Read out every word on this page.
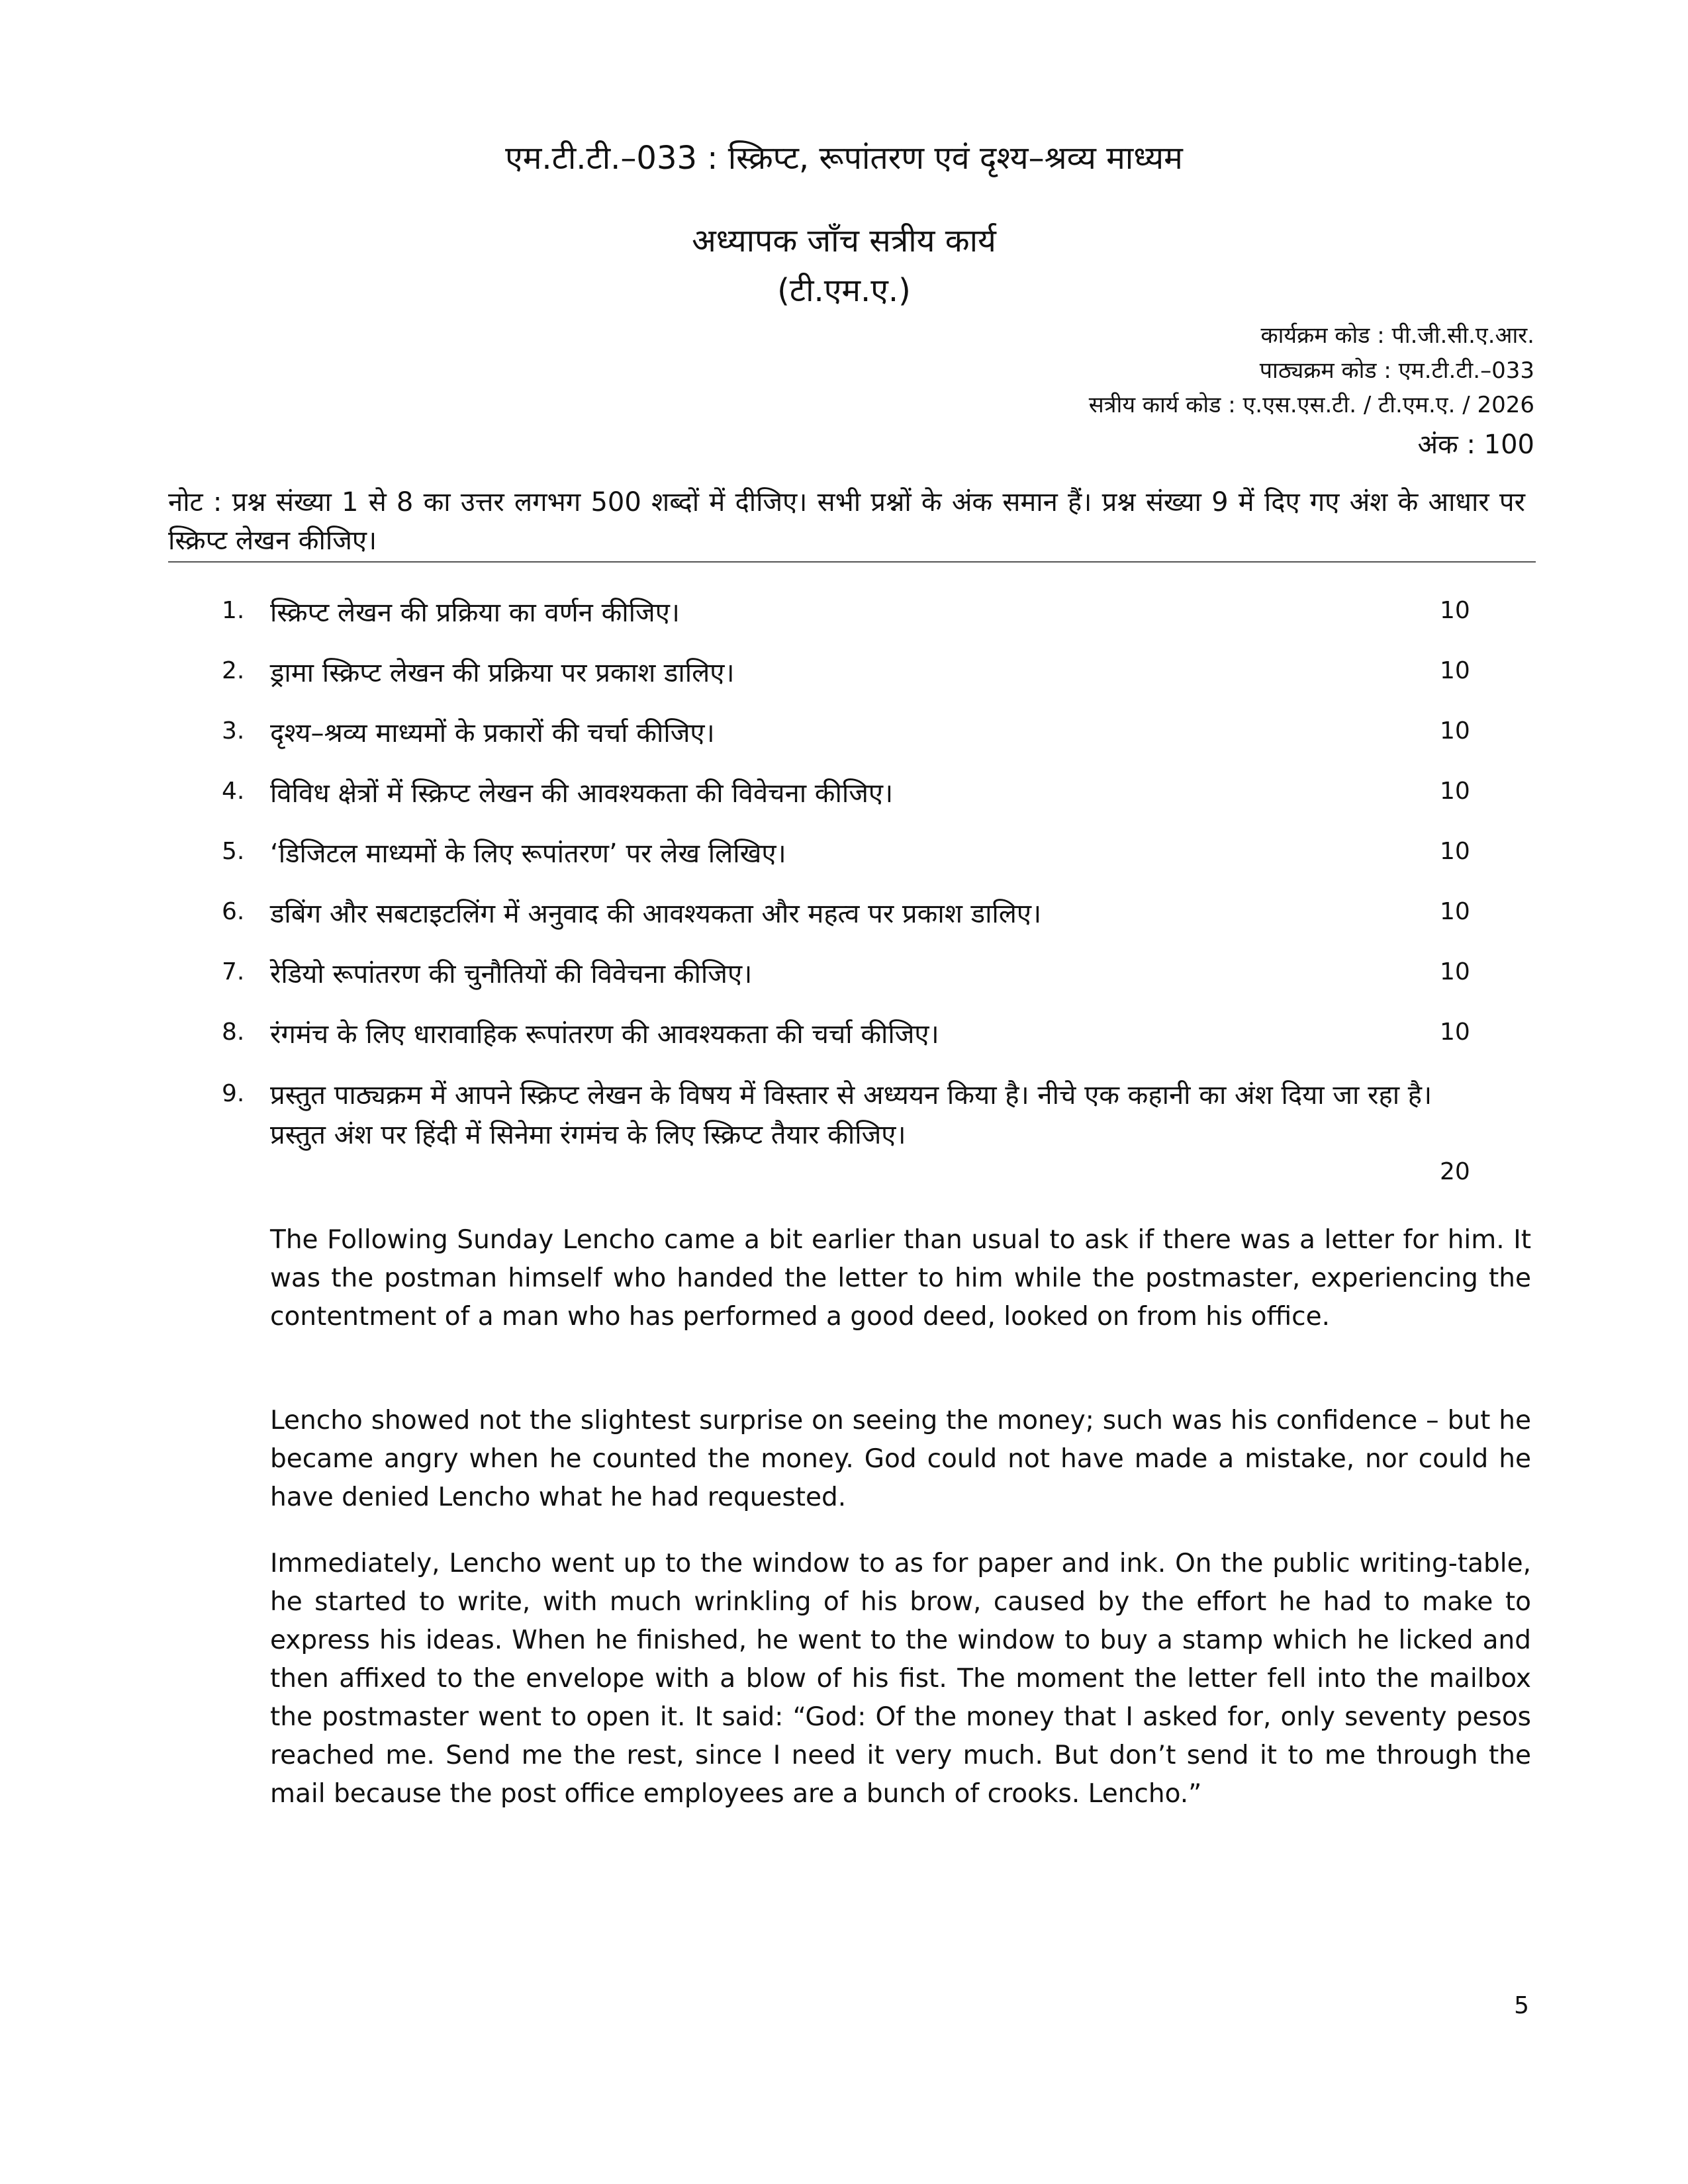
एम.टी.टी.–033 : स्क्रिप्ट, रूपांतरण एवं दृश्य–श्रव्य माध्यम
अध्यापक जाँच सत्रीय कार्य
(टी.एम.ए.)
कार्यक्रम कोड : पी.जी.सी.ए.आर.
पाठ्यक्रम कोड : एम.टी.टी.–033
सत्रीय कार्य कोड : ए.एस.एस.टी. / टी.एम.ए. / 2026
अंक : 100
नोट : प्रश्न संख्या 1 से 8 का उत्तर लगभग 500 शब्दों में दीजिए। सभी प्रश्नों के अंक समान हैं। प्रश्न संख्या 9 में दिए गए अंश के आधार पर स्क्रिप्ट लेखन कीजिए।
1. स्क्रिप्ट लेखन की प्रक्रिया का वर्णन कीजिए।	10
2. ड्रामा स्क्रिप्ट लेखन की प्रक्रिया पर प्रकाश डालिए।	10
3. दृश्य–श्रव्य माध्यमों के प्रकारों की चर्चा कीजिए।	10
4. विविध क्षेत्रों में स्क्रिप्ट लेखन की आवश्यकता की विवेचना कीजिए।	10
5. ‘डिजिटल माध्यमों के लिए रूपांतरण’ पर लेख लिखिए।	10
6. डबिंग और सबटाइटलिंग में अनुवाद की आवश्यकता और महत्व पर प्रकाश डालिए।	10
7. रेडियो रूपांतरण की चुनौतियों की विवेचना कीजिए।	10
8. रंगमंच के लिए धारावाहिक रूपांतरण की आवश्यकता की चर्चा कीजिए।	10
9. प्रस्तुत पाठ्यक्रम में आपने स्क्रिप्ट लेखन के विषय में विस्तार से अध्ययन किया है। नीचे एक कहानी का अंश दिया जा रहा है। प्रस्तुत अंश पर हिंदी में सिनेमा रंगमंच के लिए स्क्रिप्ट तैयार कीजिए।
20
The Following Sunday Lencho came a bit earlier than usual to ask if there was a letter for him. It was the postman himself who handed the letter to him while the postmaster, experiencing the contentment of a man who has performed a good deed, looked on from his office.
Lencho showed not the slightest surprise on seeing the money; such was his confidence – but he became angry when he counted the money. God could not have made a mistake, nor could he have denied Lencho what he had requested.
Immediately, Lencho went up to the window to as for paper and ink. On the public writing-table, he started to write, with much wrinkling of his brow, caused by the effort he had to make to express his ideas. When he finished, he went to the window to buy a stamp which he licked and then affixed to the envelope with a blow of his fist. The moment the letter fell into the mailbox the postmaster went to open it. It said: “God: Of the money that I asked for, only seventy pesos reached me. Send me the rest, since I need it very much. But don’t send it to me through the mail because the post office employees are a bunch of crooks. Lencho.”
5
